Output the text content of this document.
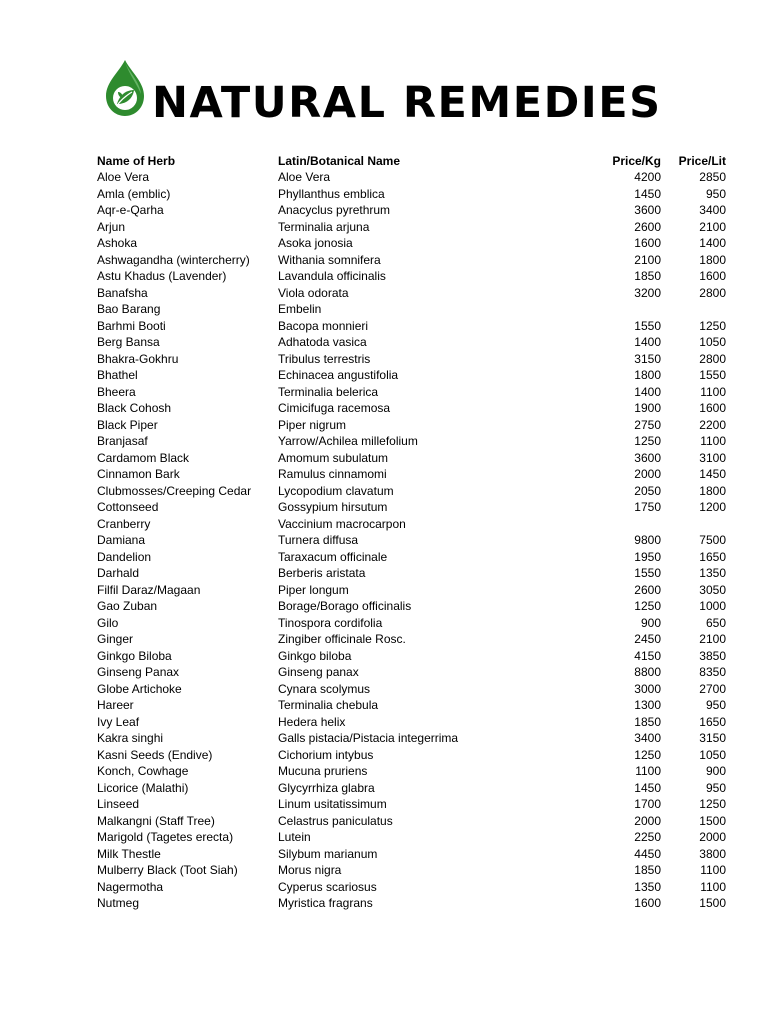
NATURAL REMEDIES
Name of Herb	Latin/Botanical Name	Price/Kg	Price/Lit
Aloe Vera	Aloe Vera	4200	2850
Amla (emblic)	Phyllanthus emblica	1450	950
Aqr-e-Qarha	Anacyclus pyrethrum	3600	3400
Arjun	Terminalia arjuna	2600	2100
Ashoka	Asoka jonosia	1600	1400
Ashwagandha (wintercherry)	Withania somnifera	2100	1800
Astu Khadus (Lavender)	Lavandula officinalis	1850	1600
Banafsha	Viola odorata	3200	2800
Bao Barang	Embelin		
Barhmi Booti	Bacopa monnieri	1550	1250
Berg Bansa	Adhatoda vasica	1400	1050
Bhakra-Gokhru	Tribulus terrestris	3150	2800
Bhathel	Echinacea angustifolia	1800	1550
Bheera	Terminalia belerica	1400	1100
Black Cohosh	Cimicifuga racemosa	1900	1600
Black Piper	Piper nigrum	2750	2200
Branjasaf	Yarrow/Achilea millefolium	1250	1100
Cardamom Black	Amomum subulatum	3600	3100
Cinnamon Bark	Ramulus cinnamomi	2000	1450
Clubmosses/Creeping Cedar	Lycopodium clavatum	2050	1800
Cottonseed	Gossypium hirsutum	1750	1200
Cranberry	Vaccinium macrocarpon		
Damiana	Turnera diffusa	9800	7500
Dandelion	Taraxacum officinale	1950	1650
Darhald	Berberis aristata	1550	1350
Filfil Daraz/Magaan	Piper longum	2600	3050
Gao Zuban	Borage/Borago officinalis	1250	1000
Gilo	Tinospora cordifolia	900	650
Ginger	Zingiber officinale Rosc.	2450	2100
Ginkgo Biloba	Ginkgo biloba	4150	3850
Ginseng Panax	Ginseng panax	8800	8350
Globe Artichoke	Cynara scolymus	3000	2700
Hareer	Terminalia chebula	1300	950
Ivy Leaf	Hedera helix	1850	1650
Kakra singhi	Galls pistacia/Pistacia integerrima	3400	3150
Kasni Seeds (Endive)	Cichorium intybus	1250	1050
Konch, Cowhage	Mucuna pruriens	1100	900
Licorice (Malathi)	Glycyrrhiza glabra	1450	950
Linseed	Linum usitatissimum	1700	1250
Malkangni (Staff Tree)	Celastrus paniculatus	2000	1500
Marigold (Tagetes erecta)	Lutein	2250	2000
Milk Thestle	Silybum marianum	4450	3800
Mulberry Black (Toot Siah)	Morus nigra	1850	1100
Nagermotha	Cyperus scariosus	1350	1100
Nutmeg	Myristica fragrans	1600	1500
